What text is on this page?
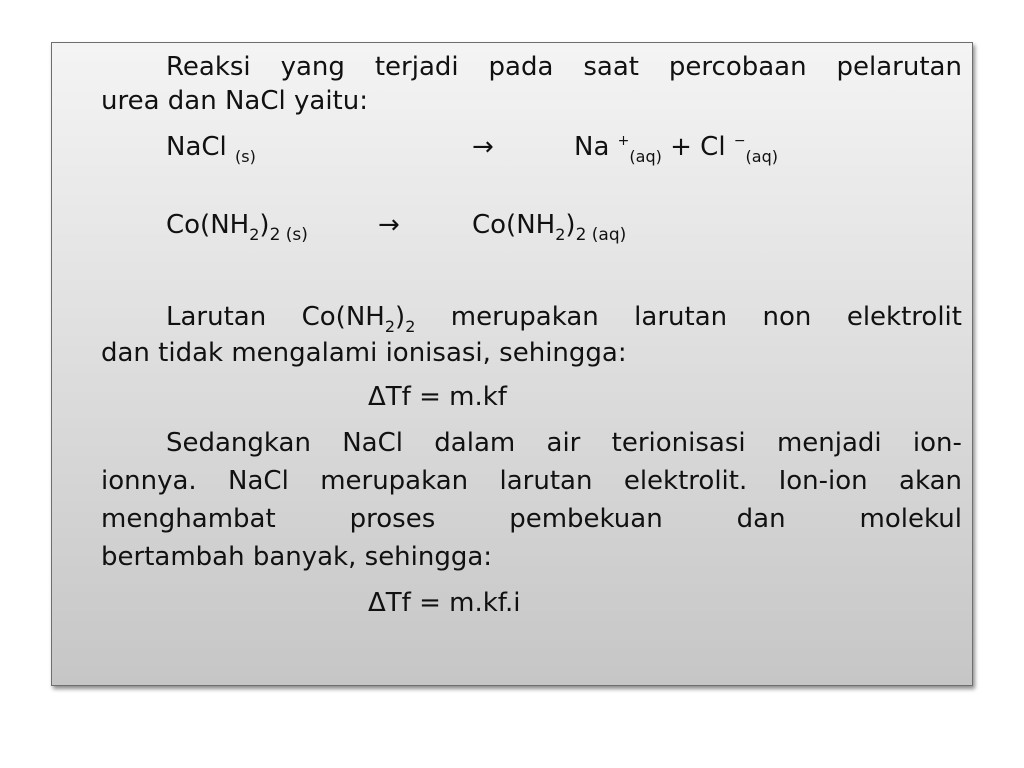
Reaksi yang terjadi pada saat percobaan pelarutan
urea dan NaCl yaitu:
NaCl $_{(s)}$	→	Na +$_{(aq)}$ + Cl −$_{(aq)}$
$Co(NH_2)_{2 (s)}$	→	$Co(NH_2)_{2 (aq)}$
Larutan $Co(NH_2)_2$ merupakan larutan non elektrolit
dan tidak mengalami ionisasi, sehingga:
ΔTf = m.kf
Sedangkan NaCl dalam air terionisasi menjadi ion-
ionnya. NaCl merupakan larutan elektrolit. Ion-ion akan
menghambat	proses	pembekuan	dan	molekul
bertambah banyak, sehingga:
ΔTf = m.kf.i
